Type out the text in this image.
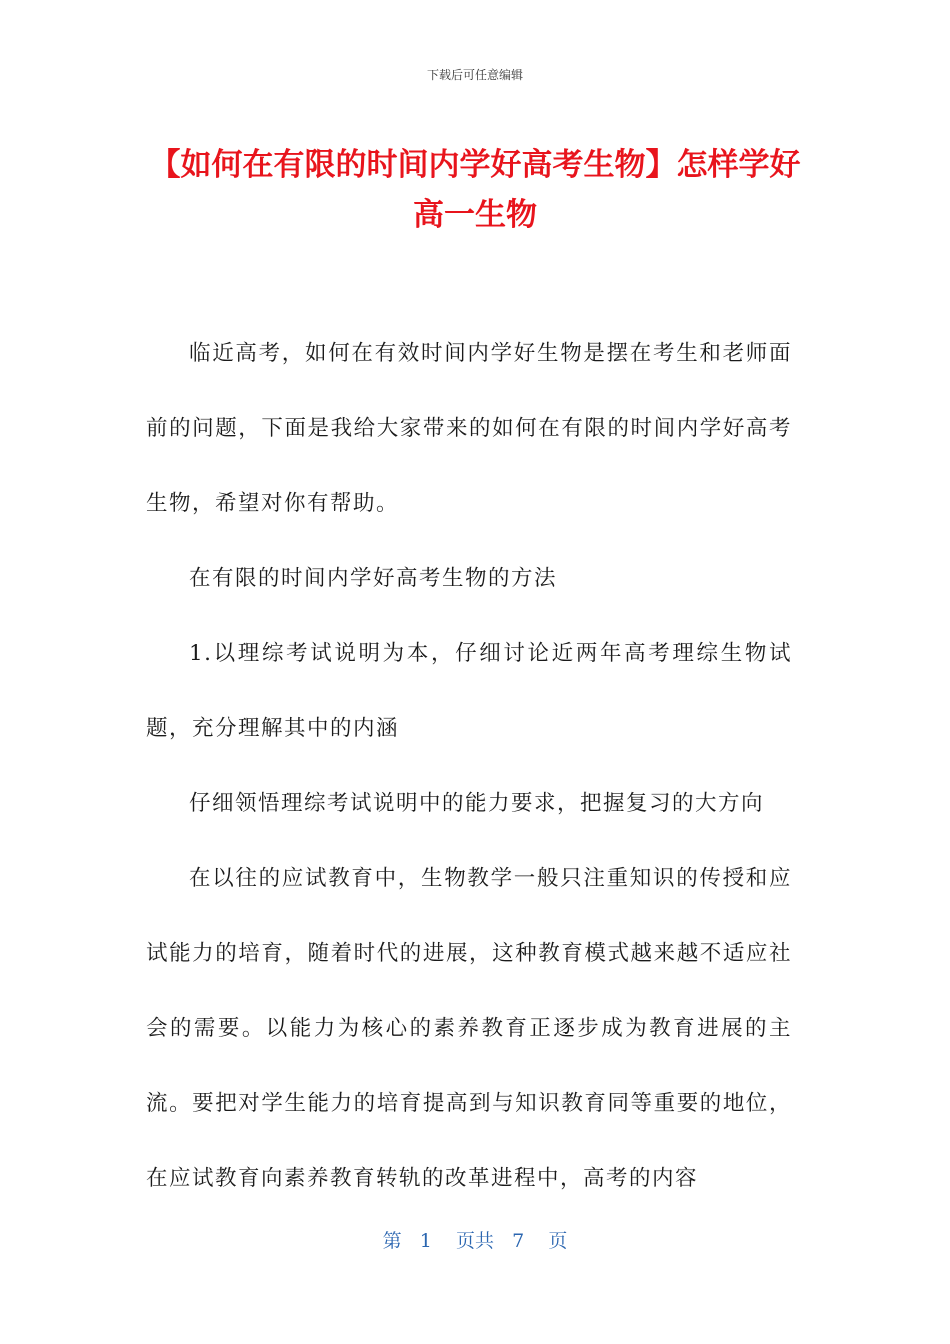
下载后可任意编辑
【如何在有限的时间内学好高考生物】怎样学好高一生物

临近高考，如何在有效时间内学好生物是摆在考生和老师面前的问题，下面是我给大家带来的如何在有限的时间内学好高考生物，希望对你有帮助。

在有限的时间内学好高考生物的方法

1.以理综考试说明为本，仔细讨论近两年高考理综生物试题，充分理解其中的内涵

仔细领悟理综考试说明中的能力要求，把握复习的大方向

在以往的应试教育中，生物教学一般只注重知识的传授和应试能力的培育，随着时代的进展，这种教育模式越来越不适应社会的需要。以能力为核心的素养教育正逐步成为教育进展的主流。要把对学生能力的培育提高到与知识教育同等重要的地位，在应试教育向素养教育转轨的改革进程中，高考的内容

第 1 页共 7 页
